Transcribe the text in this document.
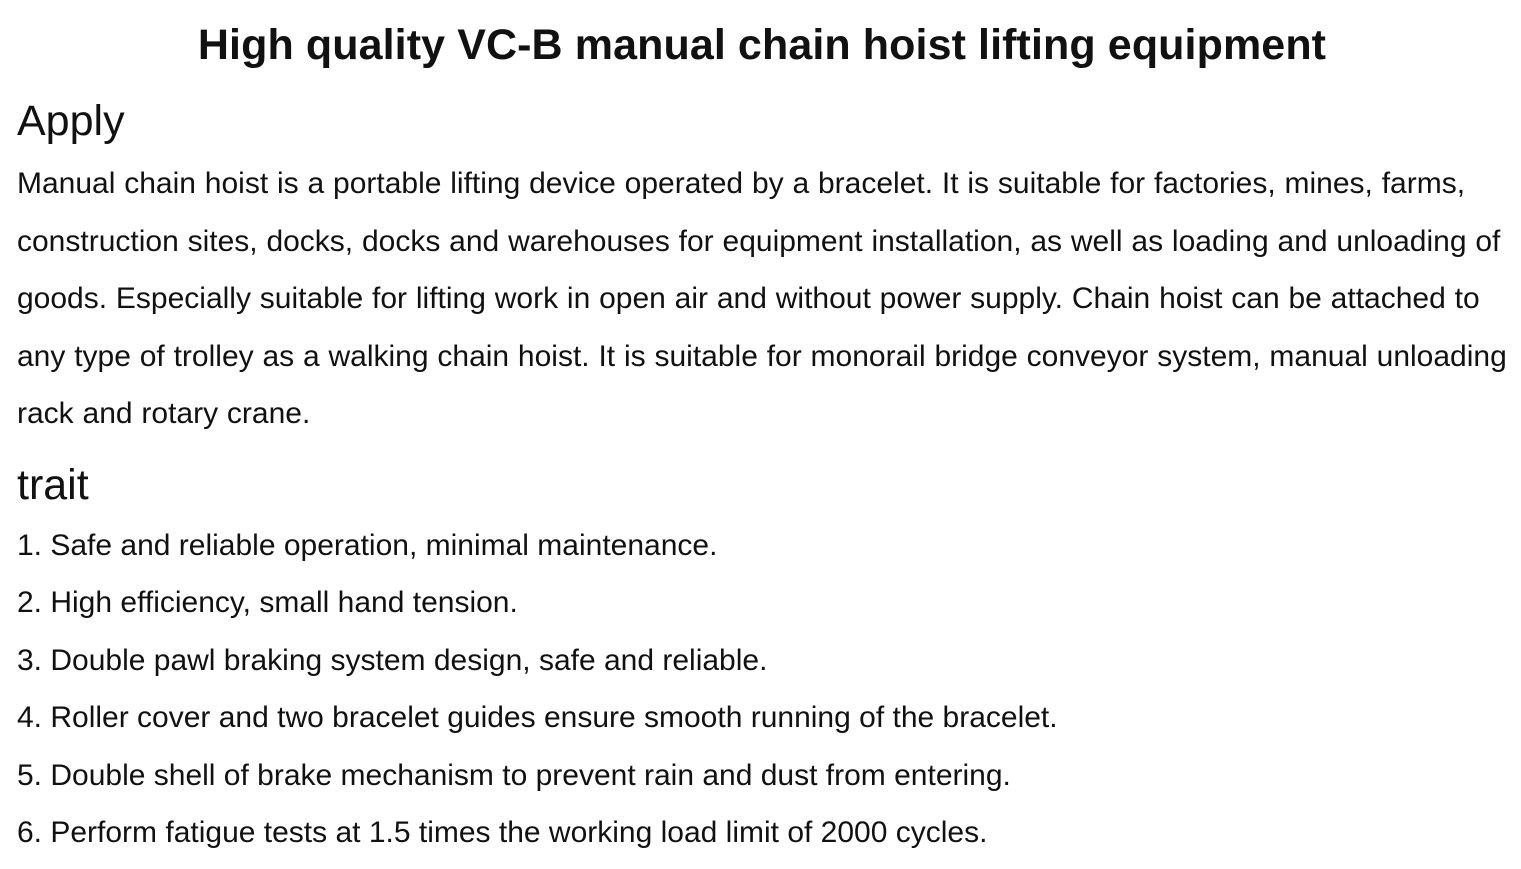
High quality VC-B manual chain hoist lifting equipment
Apply

Manual chain hoist is a portable lifting device operated by a bracelet. It is suitable for factories, mines, farms, construction sites, docks, docks and warehouses for equipment installation, as well as loading and unloading of goods. Especially suitable for lifting work in open air and without power supply. Chain hoist can be attached to any type of trolley as a walking chain hoist. It is suitable for monorail bridge conveyor system, manual unloading rack and rotary crane.

trait
1. Safe and reliable operation, minimal maintenance.
2. High efficiency, small hand tension.
3. Double pawl braking system design, safe and reliable.
4. Roller cover and two bracelet guides ensure smooth running of the bracelet.
5. Double shell of brake mechanism to prevent rain and dust from entering.
6. Perform fatigue tests at 1.5 times the working load limit of 2000 cycles.
